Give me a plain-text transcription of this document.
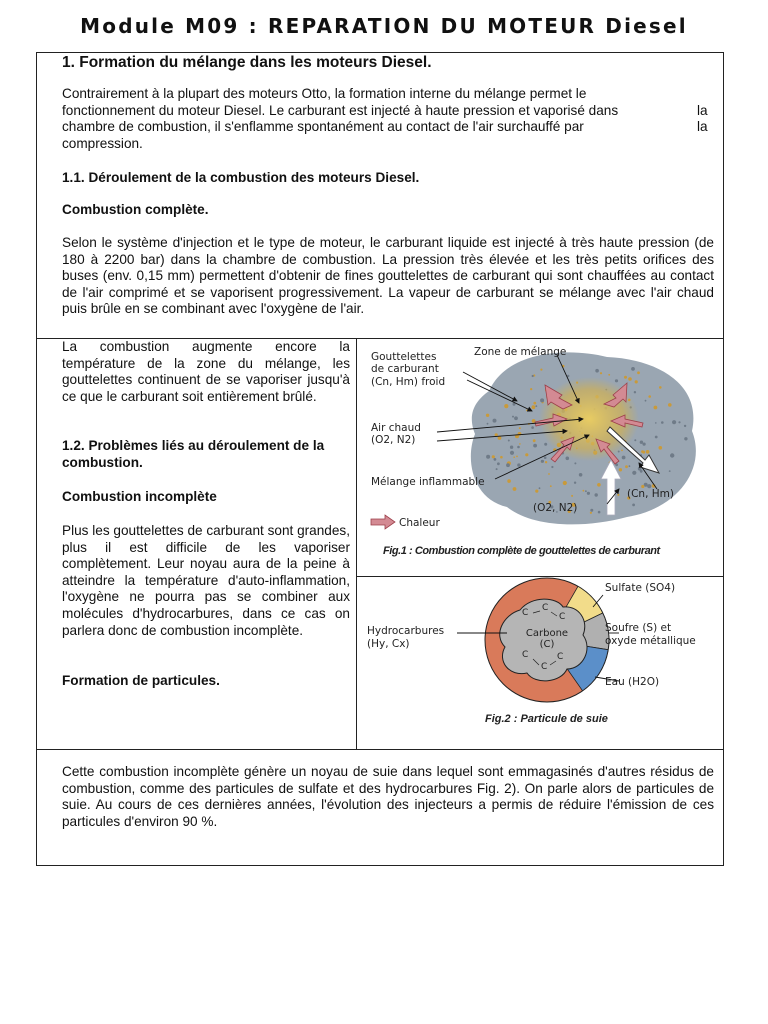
Module M09 : REPARATION DU MOTEUR Diesel
1. Formation du mélange dans les moteurs Diesel.
Contrairement à la plupart des moteurs Otto, la formation interne du mélange permet le
fonctionnement du moteur Diesel. Le carburant est injecté à haute pression et vaporisé dans
chambre de combustion, il s'enflamme spontanément au contact de l'air surchauffé par
compression.
la
la
1.1. Déroulement de la combustion des moteurs Diesel.
Combustion complète.
Selon le système d'injection et le type de moteur, le carburant liquide est injecté à très haute pression (de 180 à 2200 bar) dans la chambre de combustion. La pression très élevée et les très petits orifices des buses (env. 0,15 mm) permettent d'obtenir de fines gouttelettes de carburant qui sont chauffées au contact de l'air comprimé et se vaporisent progressivement. La vapeur de carburant se mélange avec l'air chaud puis brûle en se combinant avec l'oxygène de l'air.
La combustion augmente encore la température de la zone du mélange, les gouttelettes continuent de se vaporiser jusqu'à ce que le carburant soit entièrement brûlé.
1.2. Problèmes liés au déroulement de la combustion.
Combustion incomplète
Plus les gouttelettes de carburant sont grandes, plus il est difficile de les vaporiser complètement. Leur noyau aura de la peine à atteindre la température d'auto-inflammation, l'oxygène ne pourra pas se combiner aux molécules d'hydrocarbures, dans ce cas on parlera donc de combustion incomplète.
Formation de particules.
Gouttelettes
de carburant
(Cn, Hm) froid
Zone de mélange
Air chaud
(O2, N2)
Mélange inflammable
(Cn, Hm)
(O2, N2)
Chaleur
Fig.1 : Combustion complète de gouttelettes de carburant
C C
C
C	C
C
Carbone
(C)
Hydrocarbures
(Hy, Cx)
Sulfate (SO4)
Soufre (S) et
oxyde métallique
Eau (H2O)
Fig.2 : Particule de suie
Cette combustion incomplète génère un noyau de suie dans lequel sont emmagasinés d'autres résidus de combustion, comme des particules de sulfate et des hydrocarbures Fig. 2). On parle alors de particules de suie. Au cours de ces dernières années, l'évolution des injecteurs a permis de réduire l'émission de ces particules d'environ 90 %.
